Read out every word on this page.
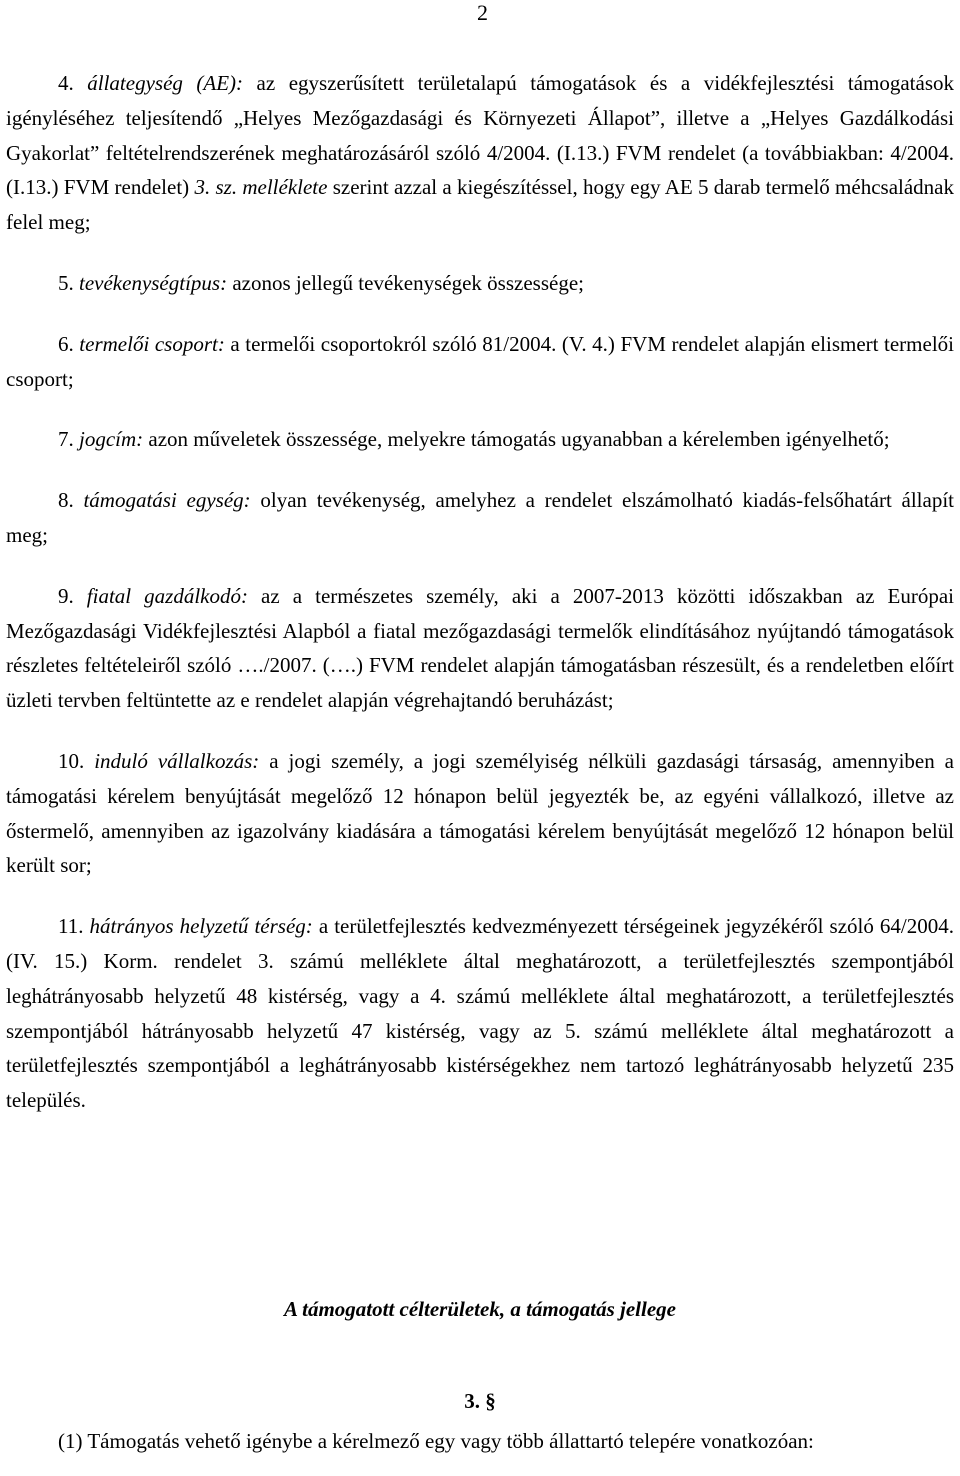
2

4. állategység (AE): az egyszerűsített területalapú támogatások és a vidékfejlesztési támogatások igényléséhez teljesítendő „Helyes Mezőgazdasági és Környezeti Állapot”, illetve a „Helyes Gazdálkodási Gyakorlat” feltételrendszerének meghatározásáról szóló 4/2004. (I.13.) FVM rendelet (a továbbiakban: 4/2004. (I.13.) FVM rendelet) 3. sz. melléklete szerint azzal a kiegészítéssel, hogy egy AE 5 darab termelő méhcsaládnak felel meg;

5. tevékenységtípus: azonos jellegű tevékenységek összessége;

6. termelői csoport: a termelői csoportokról szóló 81/2004. (V. 4.) FVM rendelet alapján elismert termelői csoport;

7. jogcím: azon műveletek összessége, melyekre támogatás ugyanabban a kérelemben igényelhető;

8. támogatási egység: olyan tevékenység, amelyhez a rendelet elszámolható kiadás-felsőhatárt állapít meg;

9. fiatal gazdálkodó: az a természetes személy, aki a 2007-2013 közötti időszakban az Európai Mezőgazdasági Vidékfejlesztési Alapból a fiatal mezőgazdasági termelők elindításához nyújtandó támogatások részletes feltételeiről szóló …./2007. (….) FVM rendelet alapján támogatásban részesült, és a rendeletben előírt üzleti tervben feltüntette az e rendelet alapján végrehajtandó beruházást;

10. induló vállalkozás: a jogi személy, a jogi személyiség nélküli gazdasági társaság, amennyiben a támogatási kérelem benyújtását megelőző 12 hónapon belül jegyezték be, az egyéni vállalkozó, illetve az őstermelő, amennyiben az igazolvány kiadására a támogatási kérelem benyújtását megelőző 12 hónapon belül került sor;

11. hátrányos helyzetű térség: a területfejlesztés kedvezményezett térségeinek jegyzékéről szóló 64/2004. (IV. 15.) Korm. rendelet 3. számú melléklete által meghatározott, a területfejlesztés szempontjából leghátrányosabb helyzetű 48 kistérség, vagy a 4. számú melléklete által meghatározott, a területfejlesztés szempontjából hátrányosabb helyzetű 47 kistérség, vagy az 5. számú melléklete által meghatározott a területfejlesztés szempontjából a leghátrányosabb kistérségekhez nem tartozó leghátrányosabb helyzetű 235 település.

A támogatott célterületek, a támogatás jellege
3. §
(1) Támogatás vehető igénybe a kérelmező egy vagy több állattartó telepére vonatkozóan:
